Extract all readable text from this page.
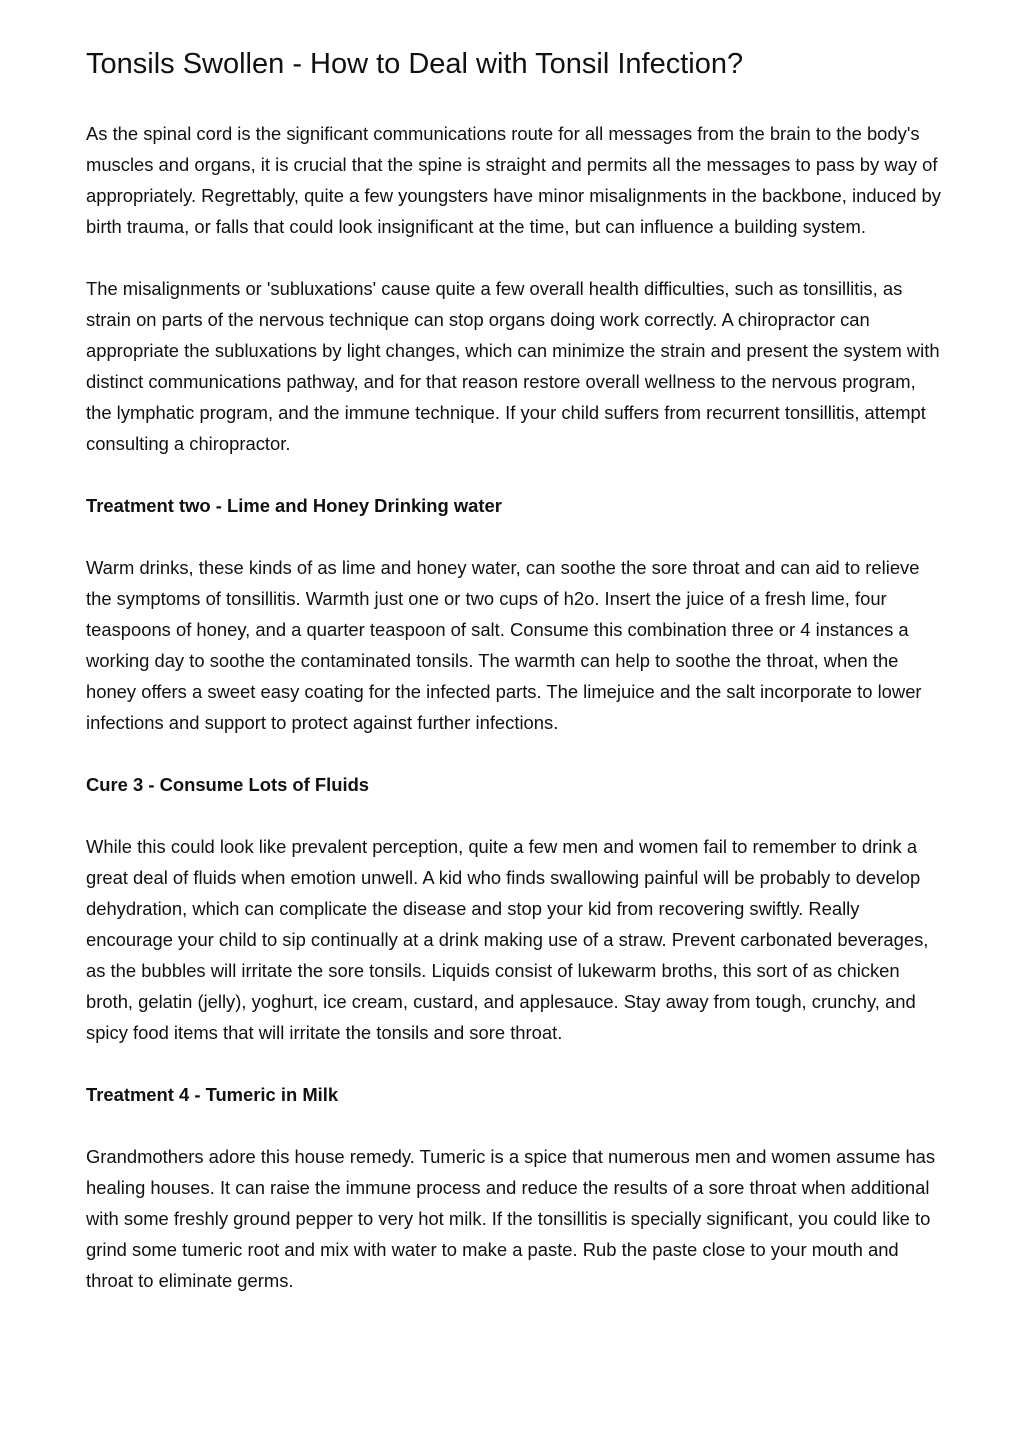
Tonsils Swollen - How to Deal with Tonsil Infection?

As the spinal cord is the significant communications route for all messages from the brain to the body's muscles and organs, it is crucial that the spine is straight and permits all the messages to pass by way of appropriately. Regrettably, quite a few youngsters have minor misalignments in the backbone, induced by birth trauma, or falls that could look insignificant at the time, but can influence a building system.

The misalignments or 'subluxations' cause quite a few overall health difficulties, such as tonsillitis, as strain on parts of the nervous technique can stop organs doing work correctly. A chiropractor can appropriate the subluxations by light changes, which can minimize the strain and present the system with distinct communications pathway, and for that reason restore overall wellness to the nervous program, the lymphatic program, and the immune technique. If your child suffers from recurrent tonsillitis, attempt consulting a chiropractor.

Treatment two - Lime and Honey Drinking water

Warm drinks, these kinds of as lime and honey water, can soothe the sore throat and can aid to relieve the symptoms of tonsillitis. Warmth just one or two cups of h2o. Insert the juice of a fresh lime, four teaspoons of honey, and a quarter teaspoon of salt. Consume this combination three or 4 instances a working day to soothe the contaminated tonsils. The warmth can help to soothe the throat, when the honey offers a sweet easy coating for the infected parts. The limejuice and the salt incorporate to lower infections and support to protect against further infections.

Cure 3 - Consume Lots of Fluids

While this could look like prevalent perception, quite a few men and women fail to remember to drink a great deal of fluids when emotion unwell. A kid who finds swallowing painful will be probably to develop dehydration, which can complicate the disease and stop your kid from recovering swiftly. Really encourage your child to sip continually at a drink making use of a straw. Prevent carbonated beverages, as the bubbles will irritate the sore tonsils. Liquids consist of lukewarm broths, this sort of as chicken broth, gelatin (jelly), yoghurt, ice cream, custard, and applesauce. Stay away from tough, crunchy, and spicy food items that will irritate the tonsils and sore throat.

Treatment 4 - Tumeric in Milk

Grandmothers adore this house remedy. Tumeric is a spice that numerous men and women assume has healing houses. It can raise the immune process and reduce the results of a sore throat when additional with some freshly ground pepper to very hot milk. If the tonsillitis is specially significant, you could like to grind some tumeric root and mix with water to make a paste. Rub the paste close to your mouth and throat to eliminate germs.
